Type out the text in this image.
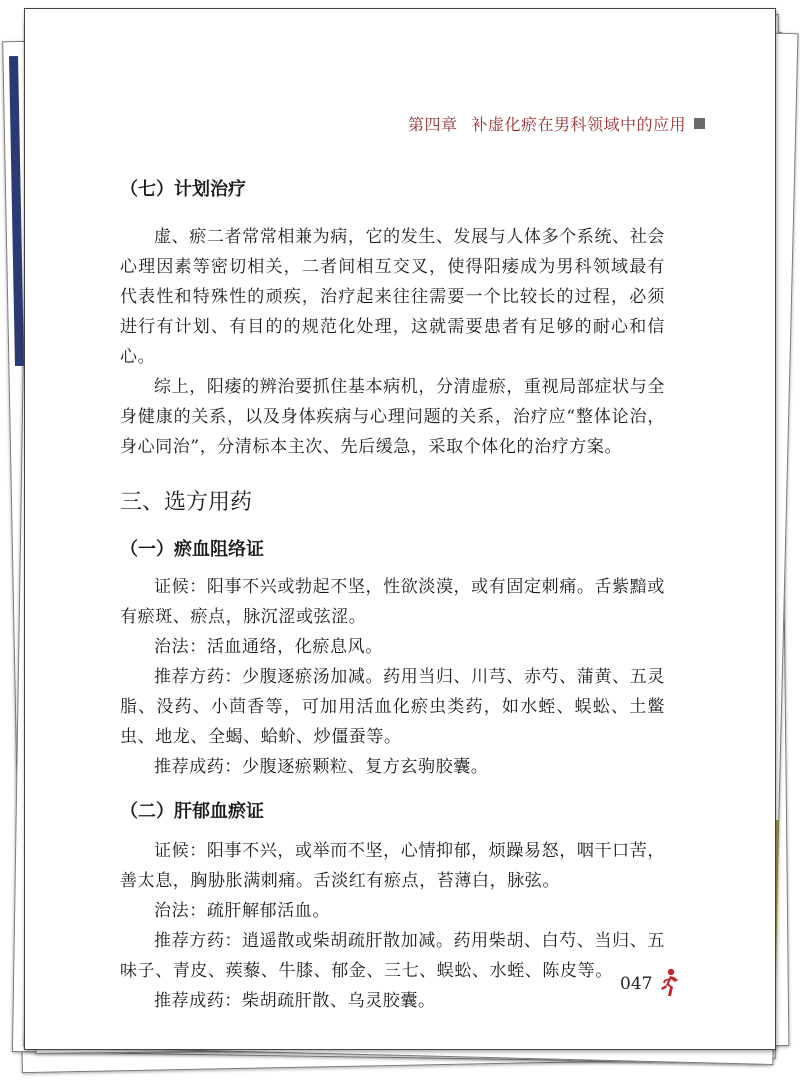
第四章 补虚化瘀在男科领域中的应用
（七）计划治疗

虚、瘀二者常常相兼为病，它的发生、发展与人体多个系统、社会心理因素等密切相关，二者间相互交叉，使得阳痿成为男科领域最有代表性和特殊性的顽疾，治疗起来往往需要一个比较长的过程，必须进行有计划、有目的的规范化处理，这就需要患者有足够的耐心和信心。

综上，阳痿的辨治要抓住基本病机，分清虚瘀，重视局部症状与全身健康的关系，以及身体疾病与心理问题的关系，治疗应“整体论治，身心同治”，分清标本主次、先后缓急，采取个体化的治疗方案。

三、选方用药
（一）瘀血阻络证

证候：阳事不兴或勃起不坚，性欲淡漠，或有固定刺痛。舌紫黯或有瘀斑、瘀点，脉沉涩或弦涩。

治法：活血通络，化瘀息风。

推荐方药：少腹逐瘀汤加减。药用当归、川芎、赤芍、蒲黄、五灵脂、没药、小茴香等，可加用活血化瘀虫类药，如水蛭、蜈蚣、土鳖虫、地龙、全蝎、蛤蚧、炒僵蚕等。

推荐成药：少腹逐瘀颗粒、复方玄驹胶囊。

（二）肝郁血瘀证

证候：阳事不兴，或举而不坚，心情抑郁，烦躁易怒，咽干口苦，善太息，胸胁胀满刺痛。舌淡红有瘀点，苔薄白，脉弦。

治法：疏肝解郁活血。

推荐方药：逍遥散或柴胡疏肝散加减。药用柴胡、白芍、当归、五味子、青皮、蒺藜、牛膝、郁金、三七、蜈蚣、水蛭、陈皮等。

推荐成药：柴胡疏肝散、乌灵胶囊。

047
